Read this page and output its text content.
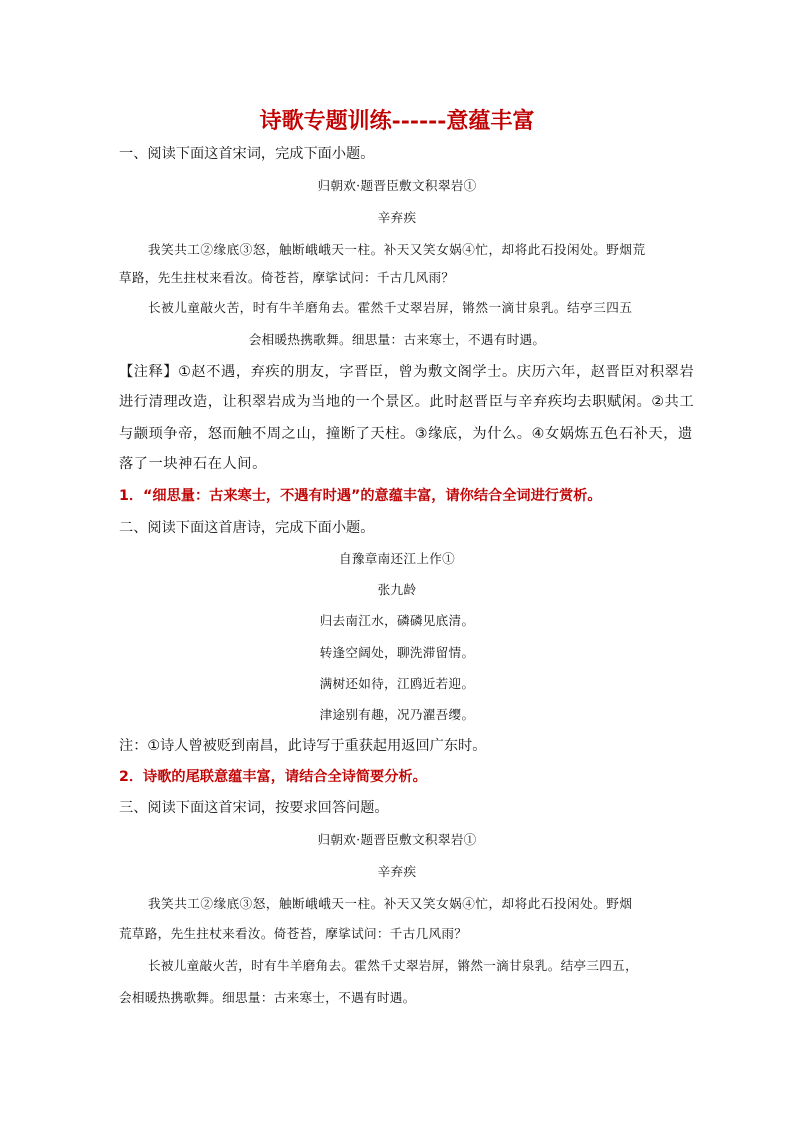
诗歌专题训练------意蕴丰富
一、阅读下面这首宋词，完成下面小题。
归朝欢·题晋臣敷文积翠岩①
辛弃疾
我笑共工②缘底③怒，触断峨峨天一柱。补天又笑女娲④忙，却将此石投闲处。野烟荒
草路，先生拄杖来看汝。倚苍苔，摩挲试问：千古几风雨？
长被儿童敲火苦，时有牛羊磨角去。霍然千丈翠岩屏，锵然一滴甘泉乳。结亭三四五
会相暖热携歌舞。细思量：古来寒士，不遇有时遇。
【注释】①赵不遇，弃疾的朋友，字晋臣，曾为敷文阁学士。庆历六年，赵晋臣对积翠岩
进行清理改造，让积翠岩成为当地的一个景区。此时赵晋臣与辛弃疾均去职赋闲。②共工
与颛顼争帝，怒而触不周之山，撞断了天柱。③缘底，为什么。④女娲炼五色石补天，遗
落了一块神石在人间。
1．“细思量：古来寒士，不遇有时遇”的意蕴丰富，请你结合全词进行赏析。
二、阅读下面这首唐诗，完成下面小题。
自豫章南还江上作①
张九龄
归去南江水，磷磷见底清。
转逢空阔处，聊洗滞留情。
满树还如待，江鸥近若迎。
津途别有趣，况乃濯吾缨。
注：①诗人曾被贬到南昌，此诗写于重获起用返回广东时。
2．诗歌的尾联意蕴丰富，请结合全诗简要分析。
三、阅读下面这首宋词，按要求回答问题。
归朝欢·题晋臣敷文积翠岩①
辛弃疾
我笑共工②缘底③怒，触断峨峨天一柱。补天又笑女娲④忙，却将此石投闲处。野烟
荒草路，先生拄杖来看汝。倚苍苔，摩挲试问：千古几风雨？
长被儿童敲火苦，时有牛羊磨角去。霍然千丈翠岩屏，锵然一滴甘泉乳。结亭三四五，
会相暖热携歌舞。细思量：古来寒士，不遇有时遇。
